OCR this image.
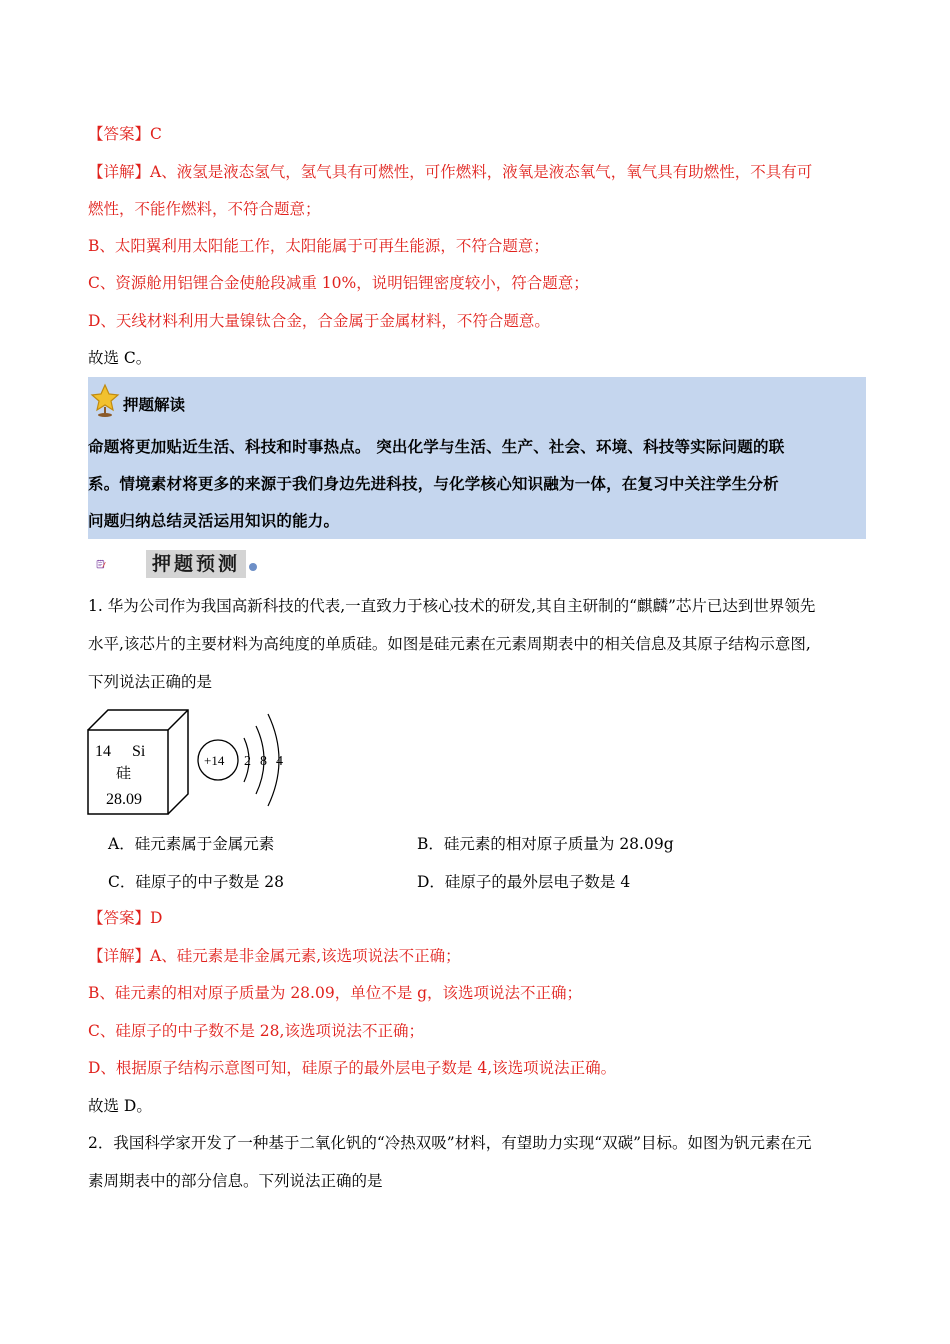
【答案】C
【详解】A、液氢是液态氢气，氢气具有可燃性，可作燃料，液氧是液态氧气，氧气具有助燃性，不具有可
燃性，不能作燃料，不符合题意；
B、太阳翼利用太阳能工作，太阳能属于可再生能源，不符合题意；
C、资源舱用铝锂合金使舱段减重 10%，说明铝锂密度较小，符合题意；
D、天线材料利用大量镍钛合金，合金属于金属材料，不符合题意。
故选 C。
押题解读
命题将更加贴近生活、科技和时事热点。 突出化学与生活、生产、社会、环境、科技等实际问题的联
系。情境素材将更多的来源于我们身边先进科技，与化学核心知识融为一体，在复习中关注学生分析
问题归纳总结灵活运用知识的能力。
押题预测
1. 华为公司作为我国高新科技的代表,一直致力于核心技术的研发,其自主研制的“麒麟”芯片已达到世界领先
水平,该芯片的主要材料为高纯度的单质硅。如图是硅元素在元素周期表中的相关信息及其原子结构示意图,
下列说法正确的是
14 Si
硅
28.09
+14 2 8 4
A．硅元素属于金属元素	B．硅元素的相对原子质量为 28.09g
C．硅原子的中子数是 28	D．硅原子的最外层电子数是 4
【答案】D
【详解】A、硅元素是非金属元素,该选项说法不正确；
B、硅元素的相对原子质量为 28.09，单位不是 g，该选项说法不正确；
C、硅原子的中子数不是 28,该选项说法不正确；
D、根据原子结构示意图可知，硅原子的最外层电子数是 4,该选项说法正确。
故选 D。
2．我国科学家开发了一种基于二氧化钒的“冷热双吸”材料，有望助力实现“双碳”目标。如图为钒元素在元
素周期表中的部分信息。下列说法正确的是
